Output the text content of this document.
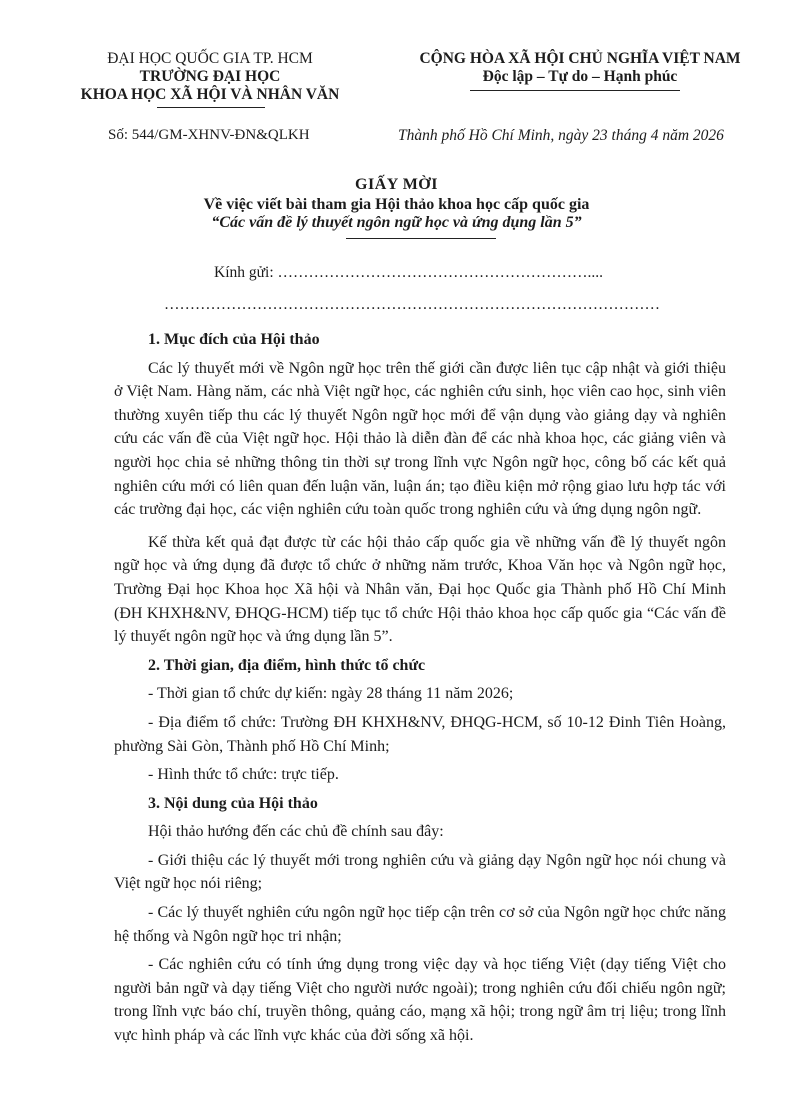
ĐẠI HỌC QUỐC GIA TP. HCM
TRƯỜNG ĐẠI HỌC
KHOA HỌC XÃ HỘI VÀ NHÂN VĂN
CỘNG HÒA XÃ HỘI CHỦ NGHĨA VIỆT NAM
Độc lập – Tự do – Hạnh phúc
Số: 544/GM-XHNV-ĐN&QLKH	Thành phố Hồ Chí Minh, ngày 23 tháng 4 năm 2026
GIẤY MỜI
Về việc viết bài tham gia Hội thảo khoa học cấp quốc gia
“Các vấn đề lý thuyết ngôn ngữ học và ứng dụng lần 5”
Kính gửi: ……………………………………………………....
……………………………………………………………………………………

1. Mục đích của Hội thảo

Các lý thuyết mới về Ngôn ngữ học trên thế giới cần được liên tục cập nhật và giới thiệu ở Việt Nam. Hàng năm, các nhà Việt ngữ học, các nghiên cứu sinh, học viên cao học, sinh viên thường xuyên tiếp thu các lý thuyết Ngôn ngữ học mới để vận dụng vào giảng dạy và nghiên cứu các vấn đề của Việt ngữ học. Hội thảo là diễn đàn để các nhà khoa học, các giảng viên và người học chia sẻ những thông tin thời sự trong lĩnh vực Ngôn ngữ học, công bố các kết quả nghiên cứu mới có liên quan đến luận văn, luận án; tạo điều kiện mở rộng giao lưu hợp tác với các trường đại học, các viện nghiên cứu toàn quốc trong nghiên cứu và ứng dụng ngôn ngữ.

Kế thừa kết quả đạt được từ các hội thảo cấp quốc gia về những vấn đề lý thuyết ngôn ngữ học và ứng dụng đã được tổ chức ở những năm trước, Khoa Văn học và Ngôn ngữ học, Trường Đại học Khoa học Xã hội và Nhân văn, Đại học Quốc gia Thành phố Hồ Chí Minh (ĐH KHXH&NV, ĐHQG-HCM) tiếp tục tổ chức Hội thảo khoa học cấp quốc gia “Các vấn đề lý thuyết ngôn ngữ học và ứng dụng lần 5”.

2. Thời gian, địa điểm, hình thức tổ chức

- Thời gian tổ chức dự kiến: ngày 28 tháng 11 năm 2026;

- Địa điểm tổ chức: Trường ĐH KHXH&NV, ĐHQG-HCM, số 10-12 Đinh Tiên Hoàng, phường Sài Gòn, Thành phố Hồ Chí Minh;

- Hình thức tổ chức: trực tiếp.

3. Nội dung của Hội thảo

Hội thảo hướng đến các chủ đề chính sau đây:

- Giới thiệu các lý thuyết mới trong nghiên cứu và giảng dạy Ngôn ngữ học nói chung và Việt ngữ học nói riêng;

- Các lý thuyết nghiên cứu ngôn ngữ học tiếp cận trên cơ sở của Ngôn ngữ học chức năng hệ thống và Ngôn ngữ học tri nhận;

- Các nghiên cứu có tính ứng dụng trong việc dạy và học tiếng Việt (dạy tiếng Việt cho người bản ngữ và dạy tiếng Việt cho người nước ngoài); trong nghiên cứu đối chiếu ngôn ngữ; trong lĩnh vực báo chí, truyền thông, quảng cáo, mạng xã hội; trong ngữ âm trị liệu; trong lĩnh vực hình pháp và các lĩnh vực khác của đời sống xã hội.
